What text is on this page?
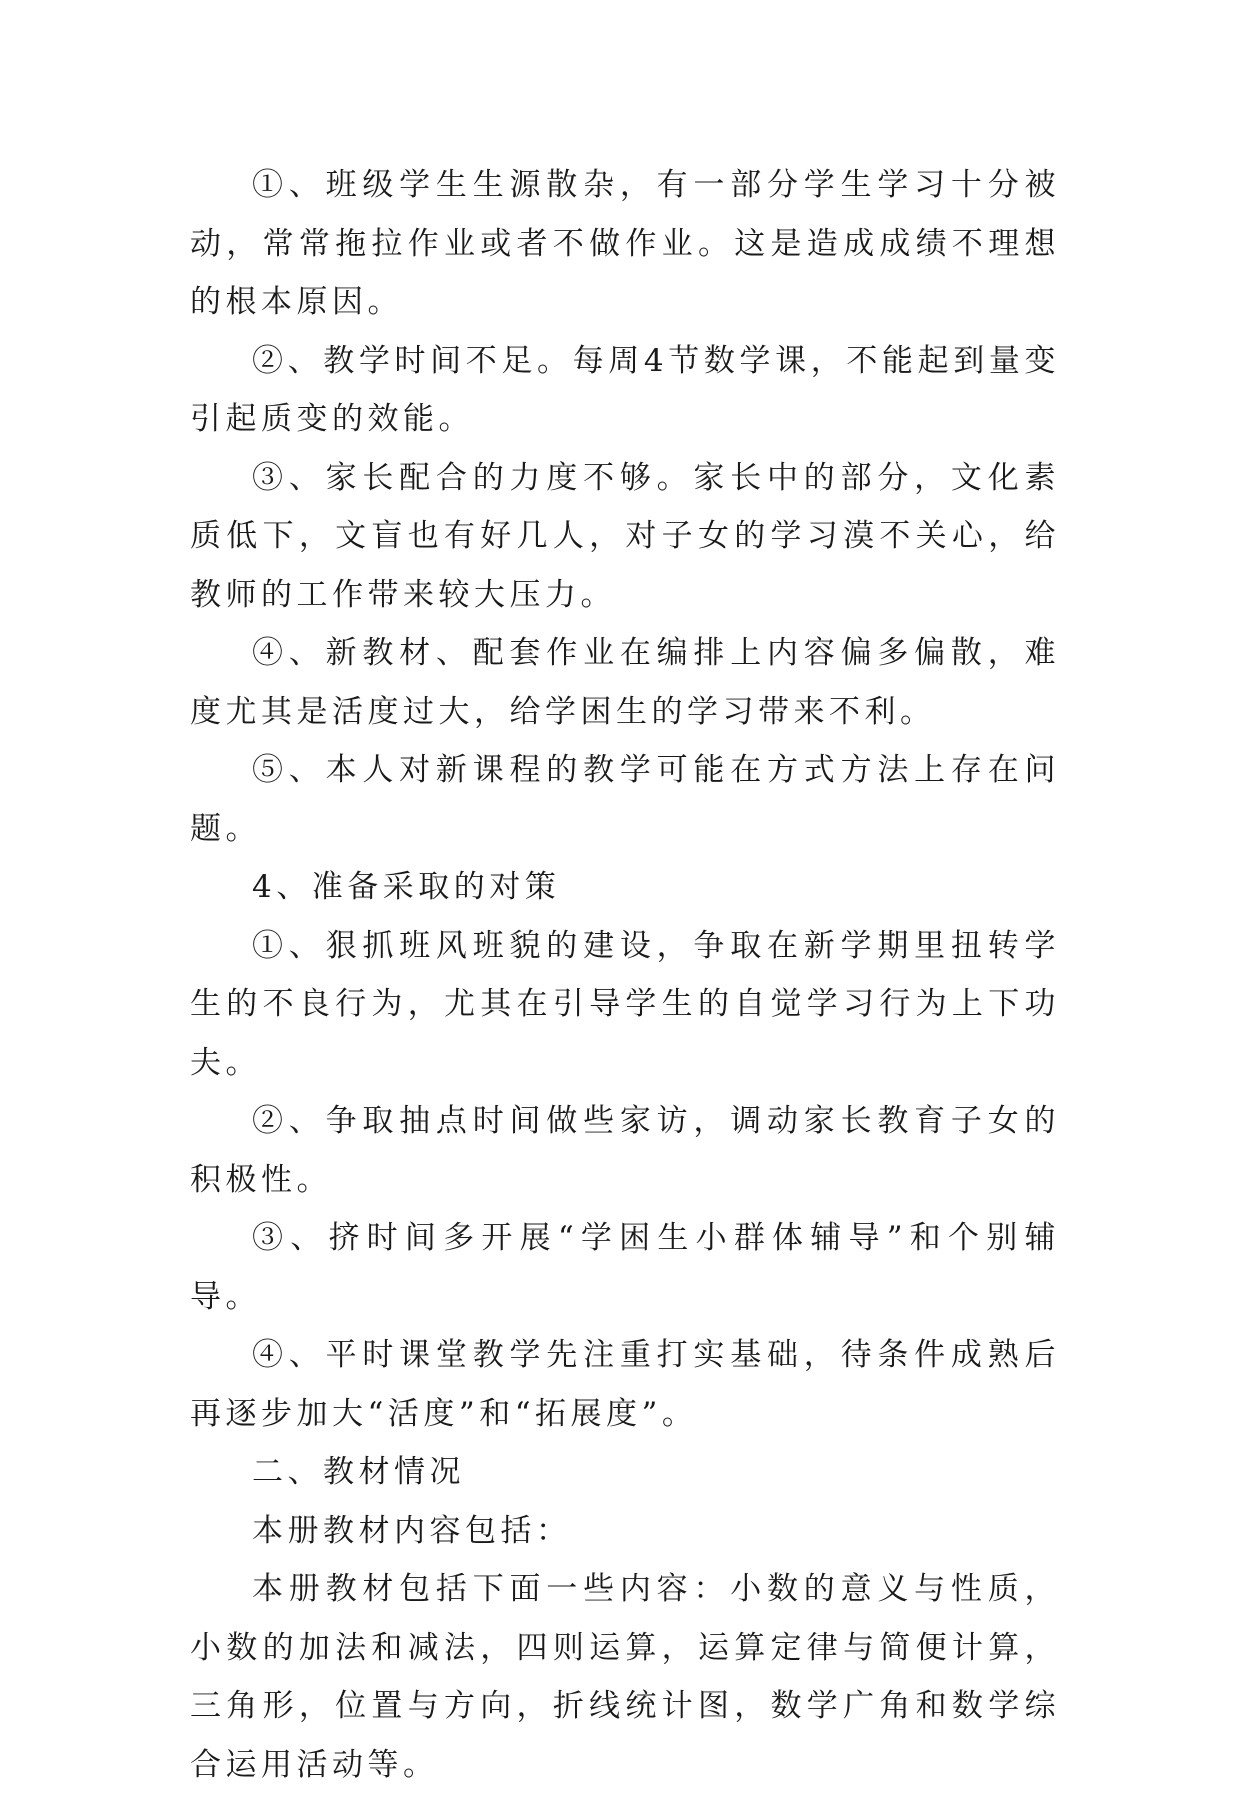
①、班级学生生源散杂，有一部分学生学习十分被动，常常拖拉作业或者不做作业。这是造成成绩不理想的根本原因。

②、教学时间不足。每周4节数学课，不能起到量变引起质变的效能。

③、家长配合的力度不够。家长中的部分，文化素质低下，文盲也有好几人，对子女的学习漠不关心，给教师的工作带来较大压力。

④、新教材、配套作业在编排上内容偏多偏散，难度尤其是活度过大，给学困生的学习带来不利。

⑤、本人对新课程的教学可能在方式方法上存在问题。

4、准备采取的对策

①、狠抓班风班貌的建设，争取在新学期里扭转学生的不良行为，尤其在引导学生的自觉学习行为上下功夫。

②、争取抽点时间做些家访，调动家长教育子女的积极性。

③、挤时间多开展“学困生小群体辅导”和个别辅导。

④、平时课堂教学先注重打实基础，待条件成熟后再逐步加大“活度”和“拓展度”。

二、教材情况

本册教材内容包括：

本册教材包括下面一些内容：小数的意义与性质，小数的加法和减法，四则运算，运算定律与简便计算，三角形，位置与方向，折线统计图，数学广角和数学综合运用活动等。
